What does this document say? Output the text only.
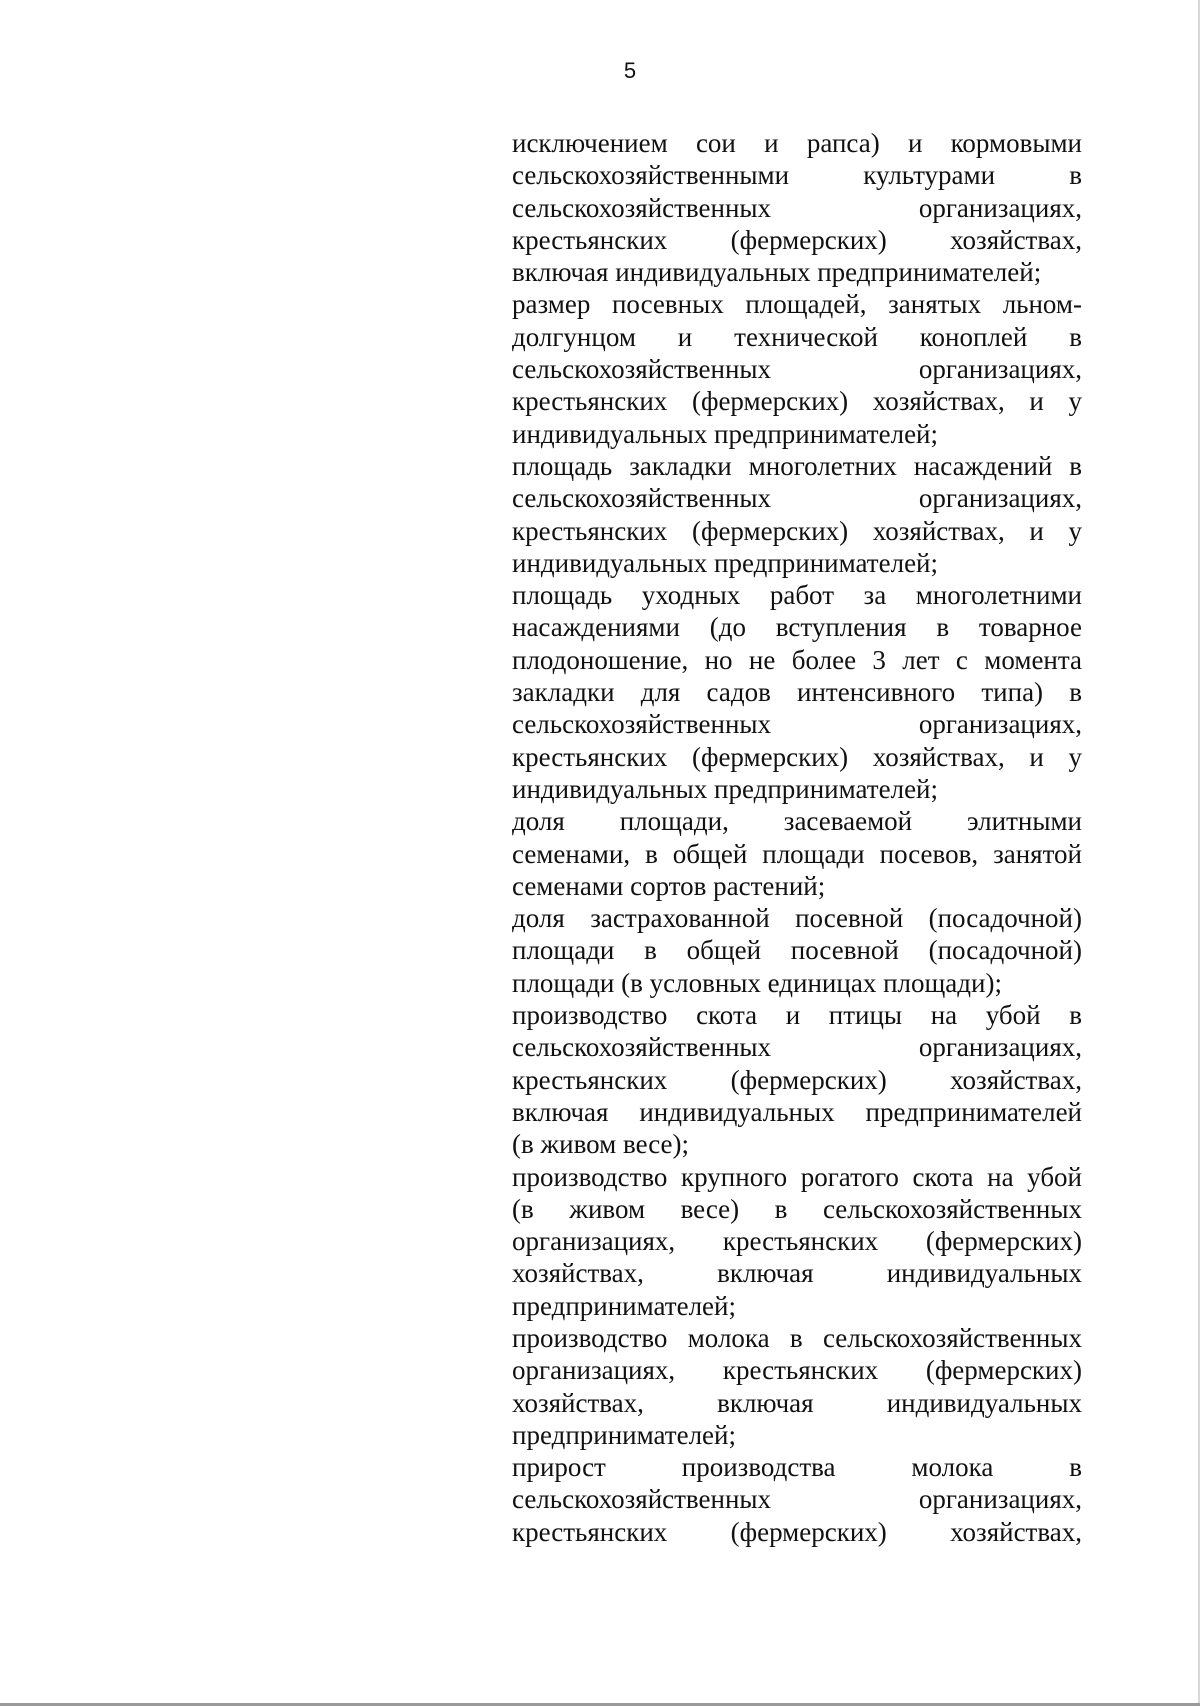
5
исключением сои и рапса) и кормовыми
сельскохозяйственными культурами в
сельскохозяйственных организациях,
крестьянских (фермерских) хозяйствах,
включая индивидуальных предпринимателей;
размер посевных площадей, занятых льном-
долгунцом и технической коноплей в
сельскохозяйственных организациях,
крестьянских (фермерских) хозяйствах, и у
индивидуальных предпринимателей;
площадь закладки многолетних насаждений в
сельскохозяйственных организациях,
крестьянских (фермерских) хозяйствах, и у
индивидуальных предпринимателей;
площадь уходных работ за многолетними
насаждениями (до вступления в товарное
плодоношение, но не более 3 лет с момента
закладки для садов интенсивного типа) в
сельскохозяйственных организациях,
крестьянских (фермерских) хозяйствах, и у
индивидуальных предпринимателей;
доля площади, засеваемой элитными
семенами, в общей площади посевов, занятой
семенами сортов растений;
доля застрахованной посевной (посадочной)
площади в общей посевной (посадочной)
площади (в условных единицах площади);
производство скота и птицы на убой в
сельскохозяйственных организациях,
крестьянских (фермерских) хозяйствах,
включая индивидуальных предпринимателей
(в живом весе);
производство крупного рогатого скота на убой
(в живом весе) в сельскохозяйственных
организациях, крестьянских (фермерских)
хозяйствах, включая индивидуальных
предпринимателей;
производство молока в сельскохозяйственных
организациях, крестьянских (фермерских)
хозяйствах, включая индивидуальных
предпринимателей;
прирост производства молока в
сельскохозяйственных организациях,
крестьянских (фермерских) хозяйствах,
